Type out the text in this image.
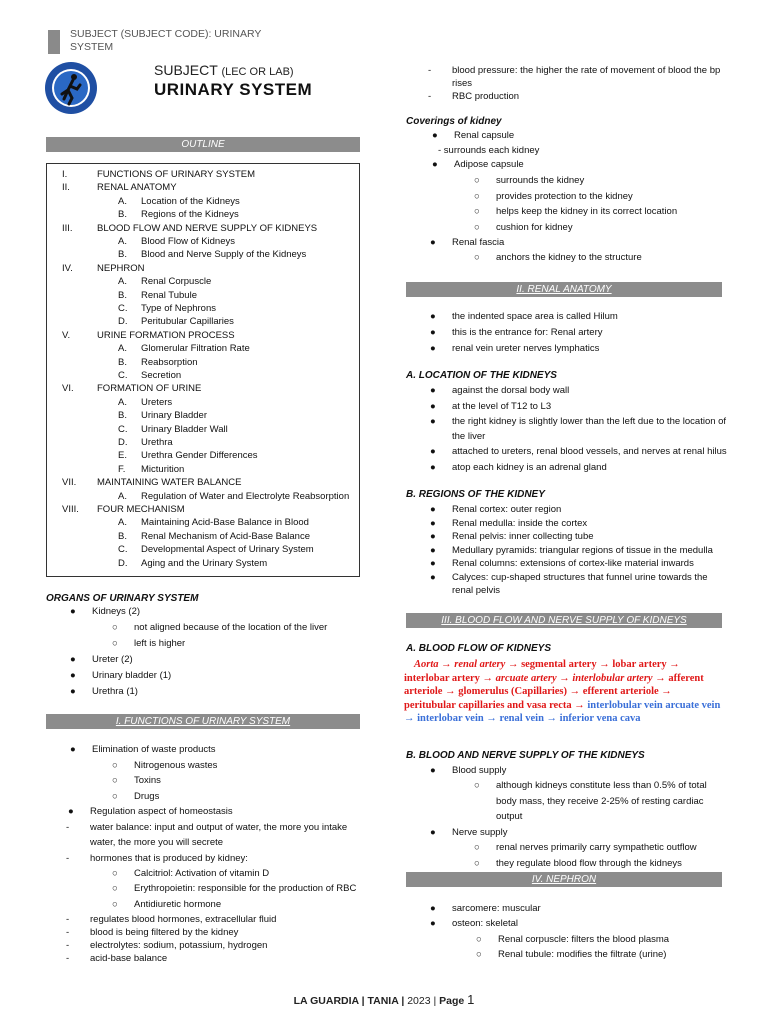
SUBJECT (SUBJECT CODE): URINARY
SYSTEM
SUBJECT (LEC OR LAB)
URINARY SYSTEM
OUTLINE
I.	FUNCTIONS OF URINARY SYSTEM
II.	RENAL ANATOMY
A. Location of the Kidneys
B. Regions of the Kidneys
III.	BLOOD FLOW AND NERVE SUPPLY OF KIDNEYS
A. Blood Flow of Kidneys
B. Blood and Nerve Supply of the Kidneys
IV.	NEPHRON
A. Renal Corpuscle
B. Renal Tubule
C. Type of Nephrons
D. Peritubular Capillaries
V.	URINE FORMATION PROCESS
A. Glomerular Filtration Rate
B. Reabsorption
C. Secretion
VI. FORMATION OF URINE
A. Ureters
B. Urinary Bladder
C. Urinary Bladder Wall
D. Urethra
E. Urethra Gender Differences
F. Micturition
VII. MAINTAINING WATER BALANCE
A. Regulation of Water and Electrolyte Reabsorption
VIII. FOUR MECHANISM
A. Maintaining Acid-Base Balance in Blood
B. Renal Mechanism of Acid-Base Balance
C. Developmental Aspect of Urinary System
D. Aging and the Urinary System
ORGANS OF URINARY SYSTEM
● Kidneys (2)
○ not aligned because of the location of the liver
○ left is higher
● Ureter (2)
● Urinary bladder (1)
● Urethra (1)
I. FUNCTIONS OF URINARY SYSTEM
● Elimination of waste products
○ Nitrogenous wastes
○ Toxins
○ Drugs
● Regulation aspect of homeostasis
- water balance: input and output of water, the more you intake
water, the more you will secrete
- hormones that is produced by kidney:
○ Calcitriol: Activation of vitamin D
○ Erythropoietin: responsible for the production of RBC
○ Antidiuretic hormone
- regulates blood hormones, extracellular fluid
- blood is being filtered by the kidney
- electrolytes: sodium, potassium, hydrogen
- acid-base balance
- blood pressure: the higher the rate of movement of blood the bp
rises
- RBC production
Coverings of kidney
● Renal capsule
- surrounds each kidney
● Adipose capsule
○ surrounds the kidney
○ provides protection to the kidney
○ helps keep the kidney in its correct location
○ cushion for kidney
● Renal fascia
○ anchors the kidney to the structure
II. RENAL ANATOMY
● the indented space area is called Hilum
● this is the entrance for: Renal artery
● renal vein ureter nerves lymphatics
A. LOCATION OF THE KIDNEYS
● against the dorsal body wall
● at the level of T12 to L3
● the right kidney is slightly lower than the left due to the location of
the liver
● attached to ureters, renal blood vessels, and nerves at renal hilus
● atop each kidney is an adrenal gland
B. REGIONS OF THE KIDNEY
● Renal cortex: outer region
● Renal medulla: inside the cortex
● Renal pelvis: inner collecting tube
● Medullary pyramids: triangular regions of tissue in the medulla
● Renal columns: extensions of cortex-like material inwards
● Calyces: cup-shaped structures that funnel urine towards the
renal pelvis
III. BLOOD FLOW AND NERVE SUPPLY OF KIDNEYS
A. BLOOD FLOW OF KIDNEYS
Aorta → renal artery → segmental artery → lobar artery → interlobar artery → arcuate artery → interlobular artery → afferent arteriole → glomerulus (Capillaries) → efferent arteriole → peritubular capillaries and vasa recta → interlobular vein arcuate vein → interlobar vein → renal vein → inferior vena cava
B. BLOOD AND NERVE SUPPLY OF THE KIDNEYS
● Blood supply
○ although kidneys constitute less than 0.5% of total
body mass, they receive 2-25% of resting cardiac
output
● Nerve supply
○ renal nerves primarily carry sympathetic outflow
○ they regulate blood flow through the kidneys
IV. NEPHRON
● sarcomere: muscular
● osteon: skeletal
○ Renal corpuscle: filters the blood plasma
○ Renal tubule: modifies the filtrate (urine)
LA GUARDIA | TANIA | 2023 | Page 1
